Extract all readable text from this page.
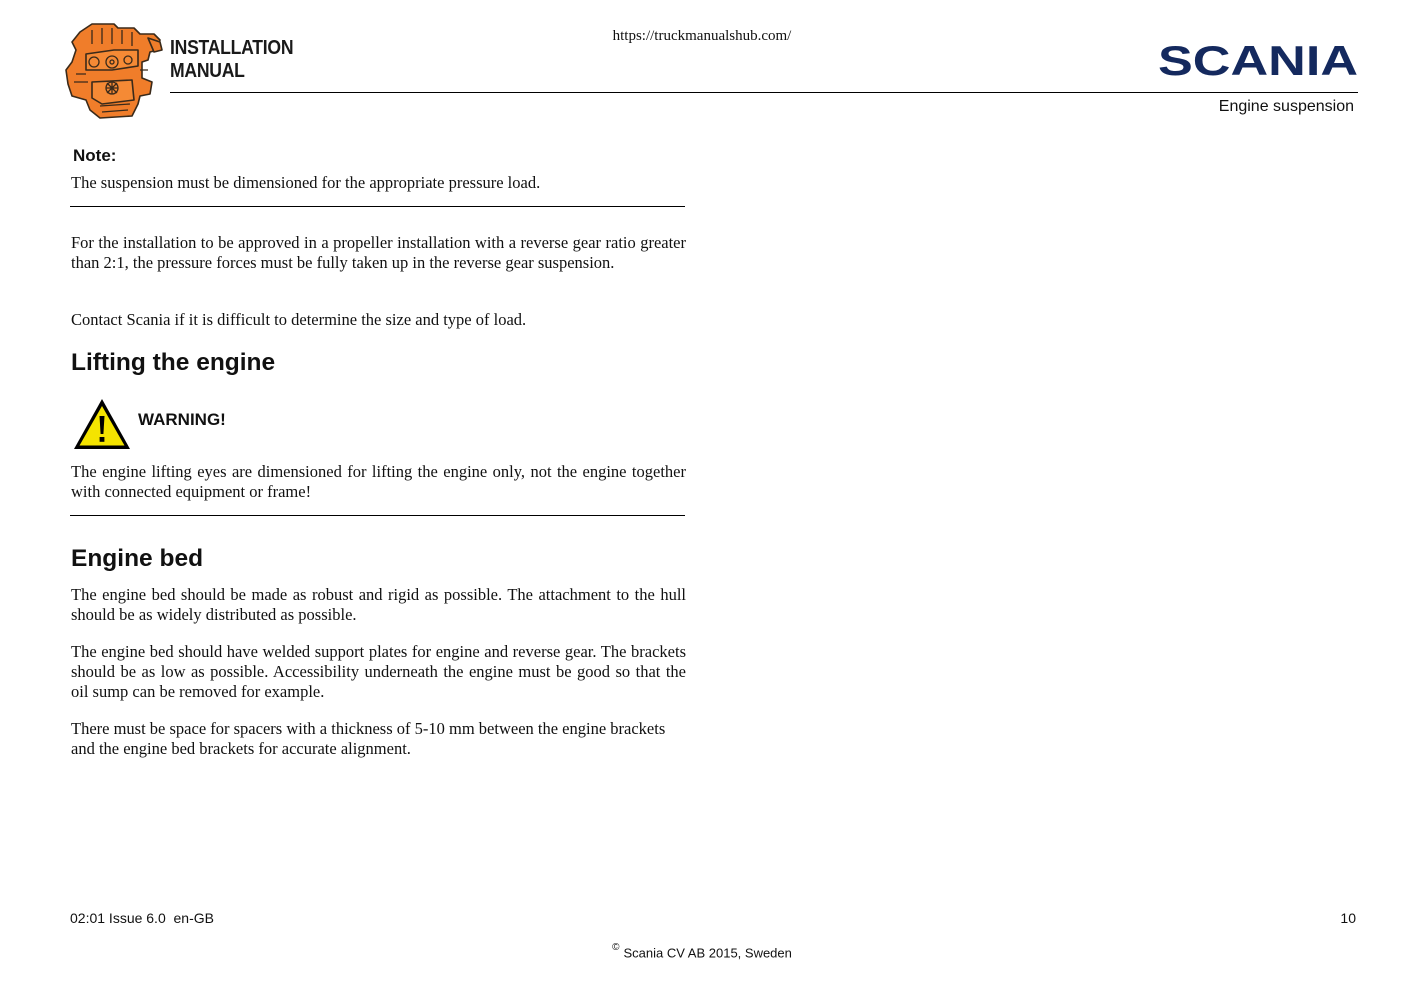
INSTALLATION
MANUAL
https://truckmanualshub.com/
SCANIA
Engine suspension
Note:
The suspension must be dimensioned for the appropriate pressure load.
For the installation to be approved in a propeller installation with a reverse gear ratio greater than 2:1, the pressure forces must be fully taken up in the reverse gear suspension.
Contact Scania if it is difficult to determine the size and type of load.
Lifting the engine
WARNING!
The engine lifting eyes are dimensioned for lifting the engine only, not the engine together with connected equipment or frame!
Engine bed
The engine bed should be made as robust and rigid as possible. The attachment to the hull should be as widely distributed as possible.
The engine bed should have welded support plates for engine and reverse gear. The brackets should be as low as possible. Accessibility underneath the engine must be good so that the oil sump can be removed for example.
There must be space for spacers with a thickness of 5-10 mm between the engine brackets and the engine bed brackets for accurate alignment.
02:01 Issue 6.0  en-GB	10
© Scania CV AB 2015, Sweden
